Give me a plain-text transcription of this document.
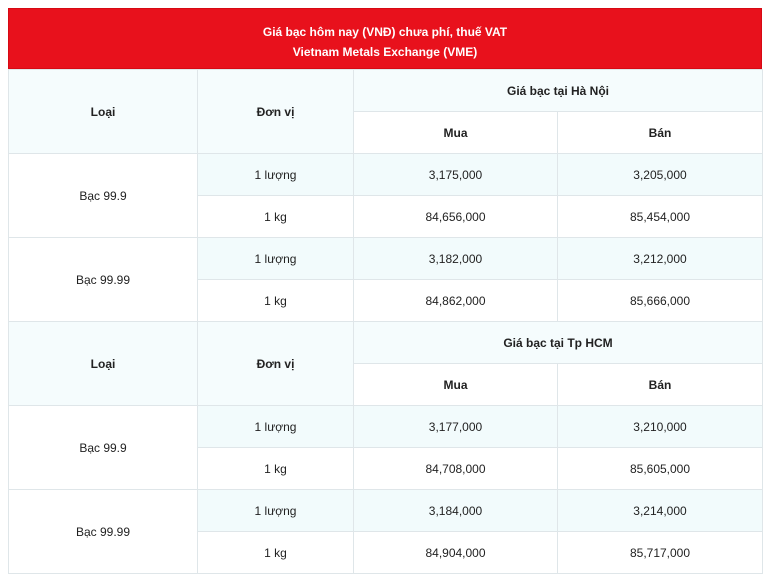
Giá bạc hôm nay (VNĐ) chưa phí, thuế VAT
Vietnam Metals Exchange (VME)
Loại	Đơn vị	Giá bạc tại Hà Nội	
		Mua	Bán
Bạc 99.9	1 lượng	3,175,000	3,205,000
	1 kg	84,656,000	85,454,000
Bạc 99.99	1 lượng	3,182,000	3,212,000
	1 kg	84,862,000	85,666,000
Loại	Đơn vị	Giá bạc tại Tp HCM	
		Mua	Bán
Bạc 99.9	1 lượng	3,177,000	3,210,000
	1 kg	84,708,000	85,605,000
Bạc 99.99	1 lượng	3,184,000	3,214,000
	1 kg	84,904,000	85,717,000
